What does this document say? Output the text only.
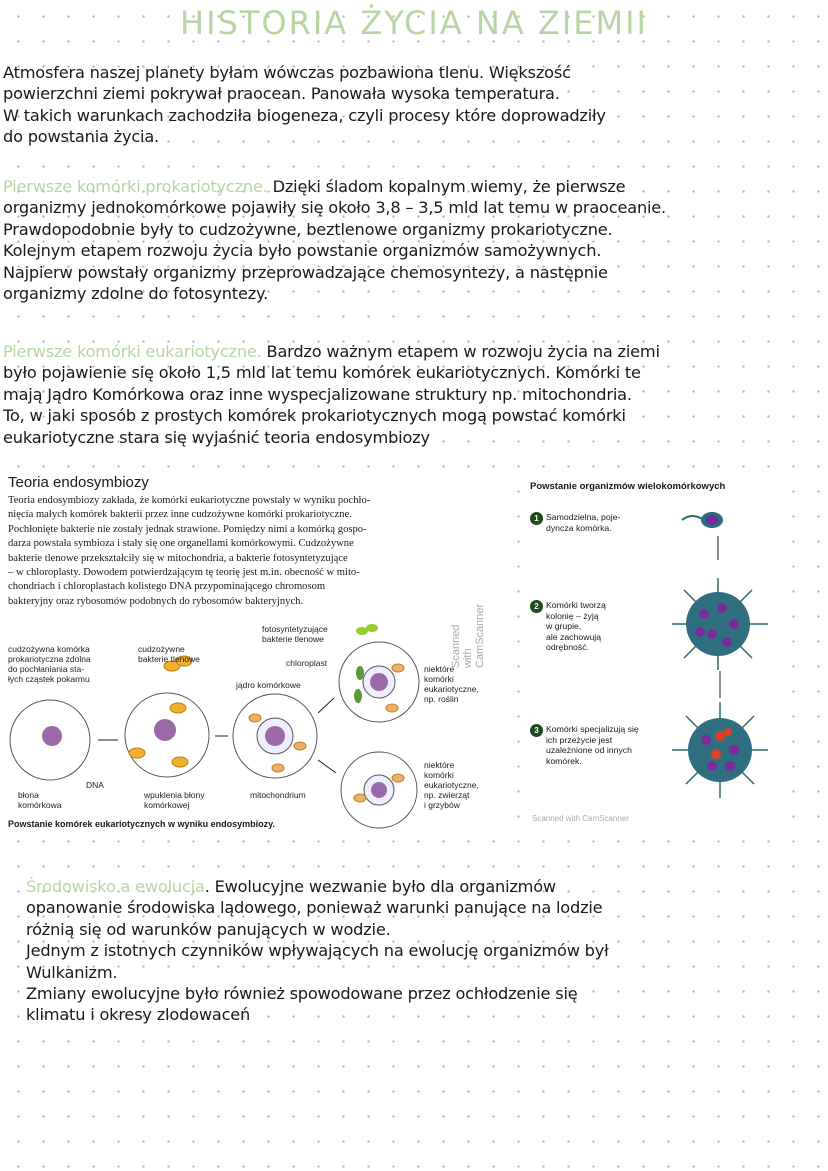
HISTORIA ŻYCIA NA ZIEMII
Atmosfera naszej planety byłam wówczas pozbawiona tlenu. Większość
powierzchni ziemi pokrywał praocean. Panowała wysoka temperatura.
W takich warunkach zachodziła biogeneza, czyli procesy które doprowadziły
do powstania życia.
Pierwsze komórki prokariotyczne. Dzięki śladom kopalnym wiemy, że pierwsze
organizmy jednokomórkowe pojawiły się około 3,8 – 3,5 mld lat temu w praoceanie.
Prawdopodobnie były to cudzożywne, beztlenowe organizmy prokariotyczne.
Kolejnym etapem rozwoju życia było powstanie organizmów samożywnych.
Najpierw powstały organizmy przeprowadzające chemosyntezy, a następnie
organizmy zdolne do fotosyntezy.
Pierwsze komórki eukariotyczne. Bardzo ważnym etapem w rozwoju życia na ziemi
było pojawienie się około 1,5 mld lat temu komórek eukariotycznych. Komórki te
mają Jądro Komórkowa oraz inne wyspecjalizowane struktury np. mitochondria.
To, w jaki sposób z prostych komórek prokariotycznych mogą powstać komórki
eukariotyczne stara się wyjaśnić teoria endosymbiozy
Teoria endosymbiozy

Teoria endosymbiozy zakłada, że komórki eukariotyczne powstały w wyniku pochło-
nięcia małych komórek bakterii przez inne cudzożywne komórki prokariotyczne.
Pochłonięte bakterie nie zostały jednak strawione. Pomiędzy nimi a komórką gospo-
darza powstała symbioza i stały się one organellami komórkowymi. Cudzożywne
bakterie tlenowe przekształciły się w mitochondria, a bakterie fotosyntetyzujące
– w chloroplasty. Dowodem potwierdzającym tę teorię jest m.in. obecność w mito-
chondriach i chloroplastach kolistego DNA przypominającego chromosom
bakteryjny oraz rybosomów podobnych do rybosomów bakteryjnych.

cudzożywna komórka
prokariotyczna zdolna
do pochłaniania sta-
łych cząstek pokarmu
cudzożywne
bakterie tlenowe
fotosyntetyzujące
bakterie tlenowe
chloroplast
jądro komórkowe
niektóre
komórki
eukariotyczne,
np. roślin
niektóre
komórki
eukariotyczne,
np. zwierząt
i grzybów
DNA
błona
komórkowa
wpuklenia błony
komórkowej
mitochondrium
Powstanie komórek eukariotycznych w wyniku endosymbiozy.
Scanned with CamScanner
Powstanie organizmów wielokomórkowych
1 Samodzielna, poje-
dyncza komórka.
2 Komórki tworzą
kolonię – żyją
w grupie,
ale zachowują
odrębność.
3 Komórki specjalizują się
ich przeżycie jest
uzależnione od innych
komórek.
Scanned with CamScanner
Środowisko a ewolucja. Ewolucyjne wezwanie było dla organizmów
opanowanie środowiska lądowego, ponieważ warunki panujące na lodzie
różnią się od warunków panujących w wodzie.
Jednym z istotnych czynników wpływających na ewolucję organizmów był
Wulkanizm.
Zmiany ewolucyjne było również spowodowane przez ochłodzenie się
klimatu i okresy zlodowaceń
